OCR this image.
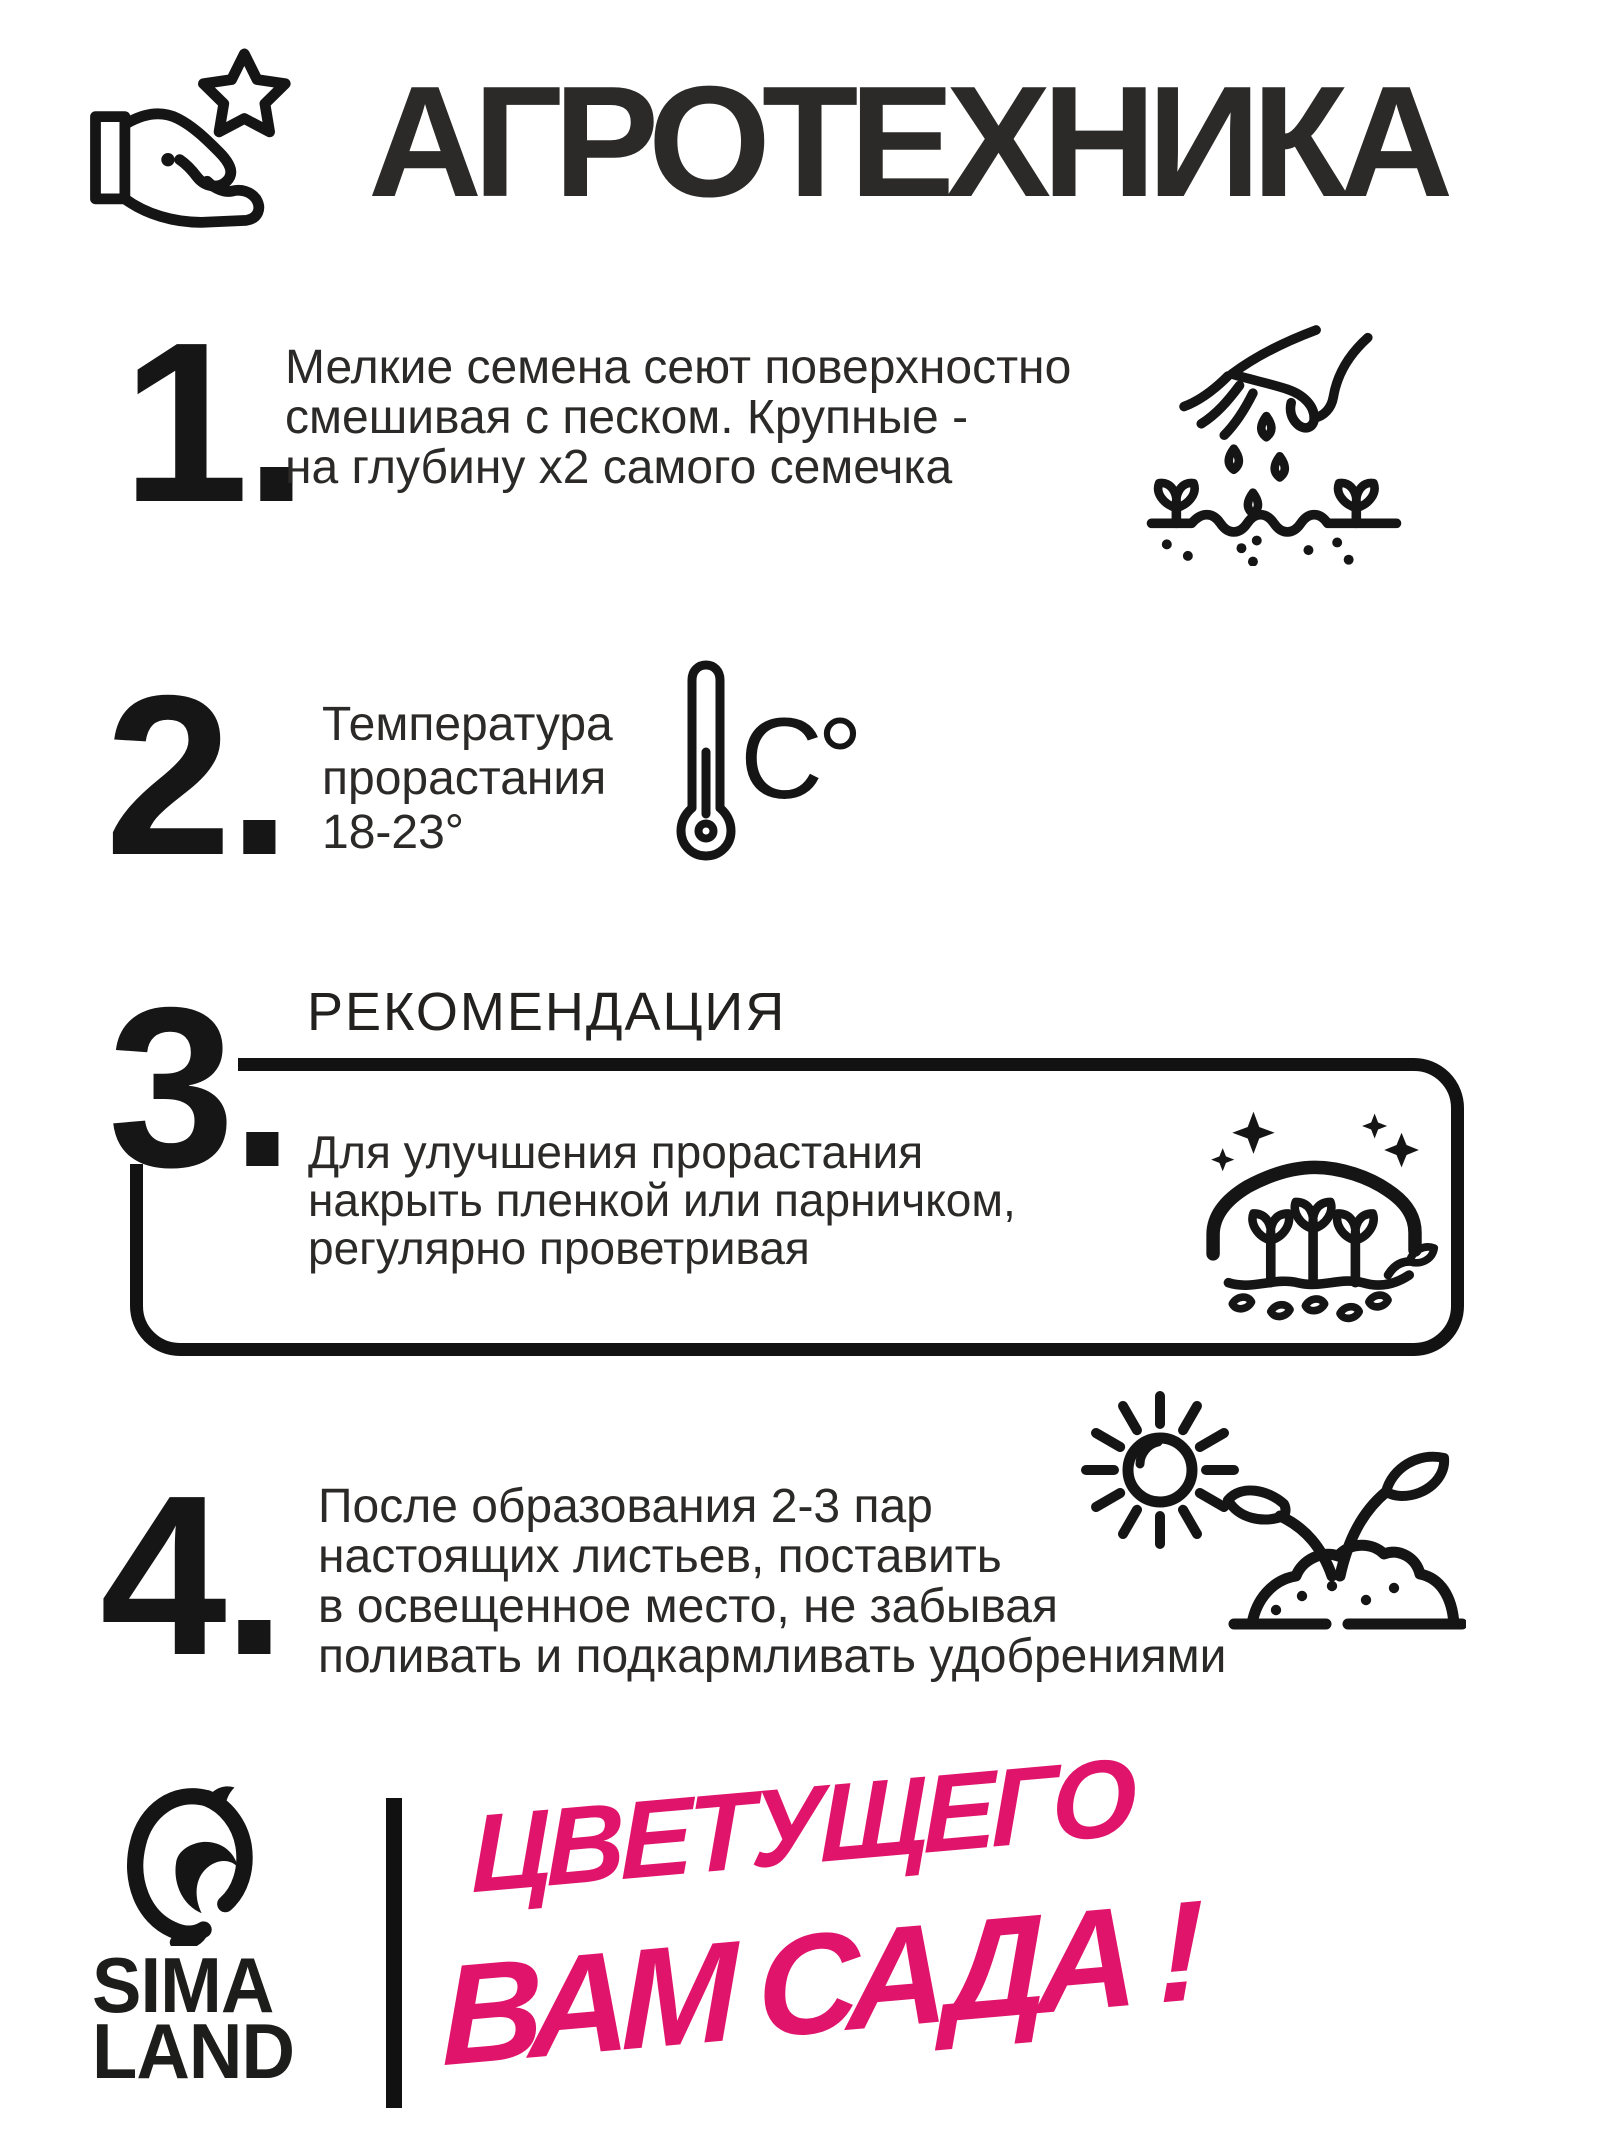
АГРОТЕХНИКА
1.
Мелкие семена сеют поверхностно
смешивая с песком. Крупные -
на глубину x2 самого семечка
2. Температура
прорастания
18-23°
C°
РЕКОМЕНДАЦИЯ
3. Для улучшения прорастания
накрыть пленкой или парничком,
регулярно проветривая
4. После образования 2-3 пар
настоящих листьев, поставить
в освещенное место, не забывая
поливать и подкармливать удобрениями
SIMA
LAND
ЦВЕТУЩЕГО
ВАМ САДА !
